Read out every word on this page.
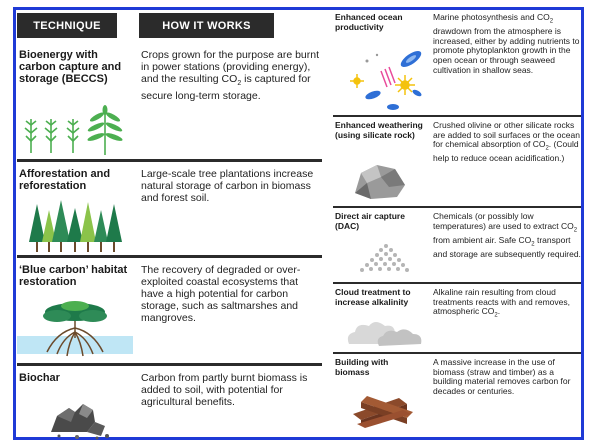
TECHNIQUE	HOW IT WORKS
Bioenergy with carbon capture and storage (BECCS)
Crops grown for the purpose are burnt in power stations (providing energy), and the resulting $CO_2$ is captured for secure long-term storage.
Afforestation and reforestation
Large-scale tree plantations increase natural storage of carbon in biomass and forest soil.
‘Blue carbon’ habitat restoration
The recovery of degraded or over-exploited coastal ecosystems that have a high potential for carbon storage, such as saltmarshes and mangroves.
Biochar	Carbon from partly burnt biomass is added to soil, with potential for agricultural benefits.
Enhanced ocean productivity
Marine photosynthesis and $CO_2$ drawdown from the atmosphere is increased, either by adding nutrients to promote phytoplankton growth in the open ocean or through seaweed cultivation in shallow seas.
Enhanced weathering (using silicate rock)
Crushed olivine or other silicate rocks are added to soil surfaces or the ocean for chemical absorption of $CO_2$. (Could help to reduce ocean acidification.)
Direct air capture (DAC)
Chemicals (or possibly low temperatures) are used to extract $CO_2$ from ambient air. Safe $CO_2$ transport and storage are subsequently required.
Cloud treatment to increase alkalinity
Alkaline rain resulting from cloud treatments reacts with and removes, atmospheric $CO_2$.
Building with biomass
A massive increase in the use of biomass (straw and timber) as a building material removes carbon for decades or centuries.
